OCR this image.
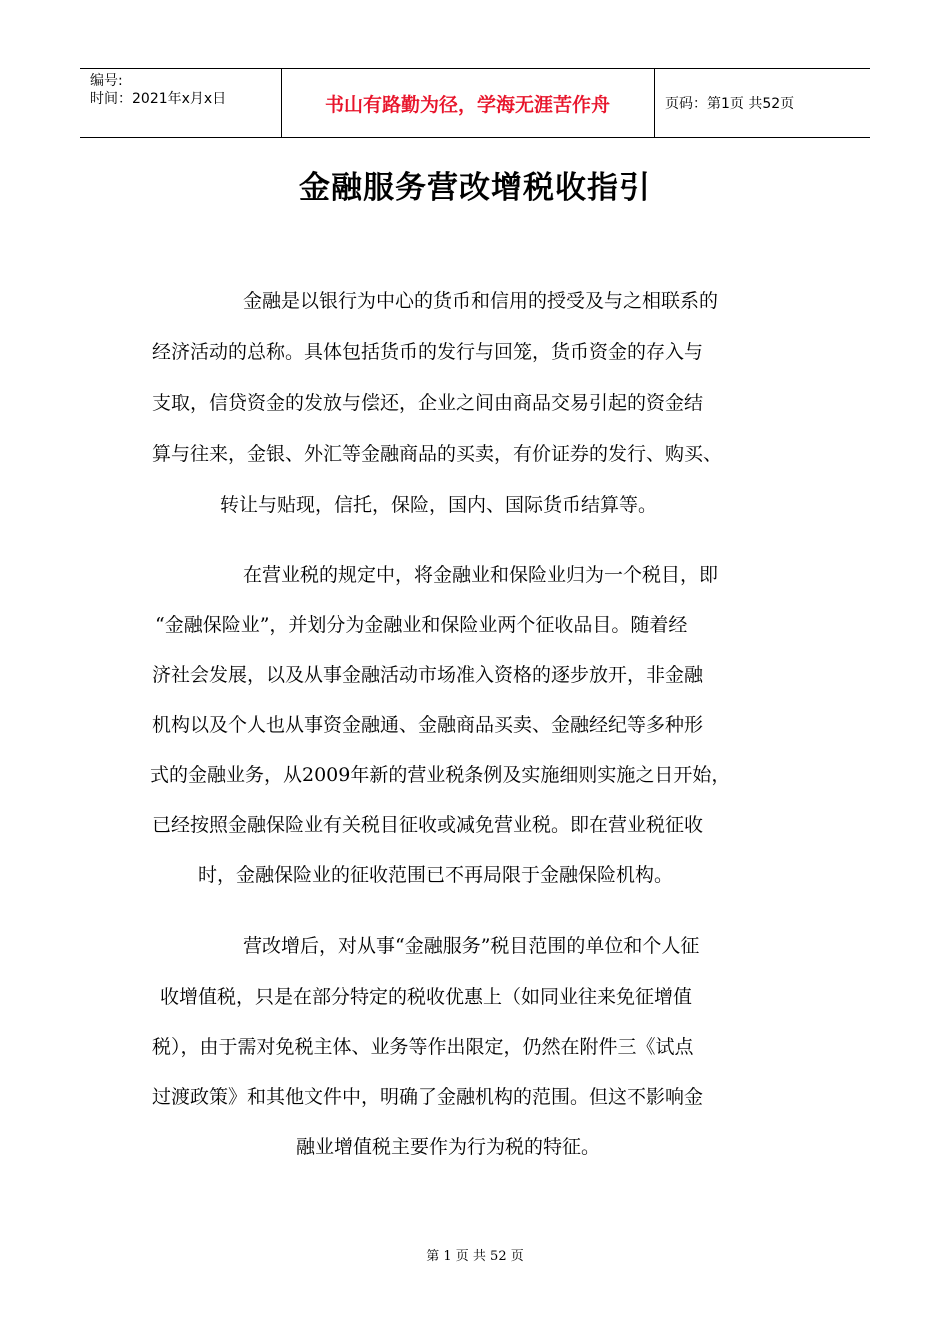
编号:
时间：2021年x月x日	书山有路勤为径，学海无涯苦作舟	页码：第1页 共52页
金融服务营改增税收指引
金融是以银行为中心的货币和信用的授受及与之相联系的
经济活动的总称。具体包括货币的发行与回笼，货币资金的存入与
支取，信贷资金的发放与偿还，企业之间由商品交易引起的资金结
算与往来，金银、外汇等金融商品的买卖，有价证券的发行、购买、
转让与贴现，信托，保险，国内、国际货币结算等。
在营业税的规定中，将金融业和保险业归为一个税目，即
“金融保险业”，并划分为金融业和保险业两个征收品目。随着经
济社会发展，以及从事金融活动市场准入资格的逐步放开，非金融
机构以及个人也从事资金融通、金融商品买卖、金融经纪等多种形
式的金融业务，从2009年新的营业税条例及实施细则实施之日开始，
已经按照金融保险业有关税目征收或减免营业税。即在营业税征收
时，金融保险业的征收范围已不再局限于金融保险机构。
营改增后，对从事“金融服务”税目范围的单位和个人征
收增值税，只是在部分特定的税收优惠上（如同业往来免征增值
税），由于需对免税主体、业务等作出限定，仍然在附件三《试点
过渡政策》和其他文件中，明确了金融机构的范围。但这不影响金
融业增值税主要作为行为税的特征。
第 1 页 共 52 页
